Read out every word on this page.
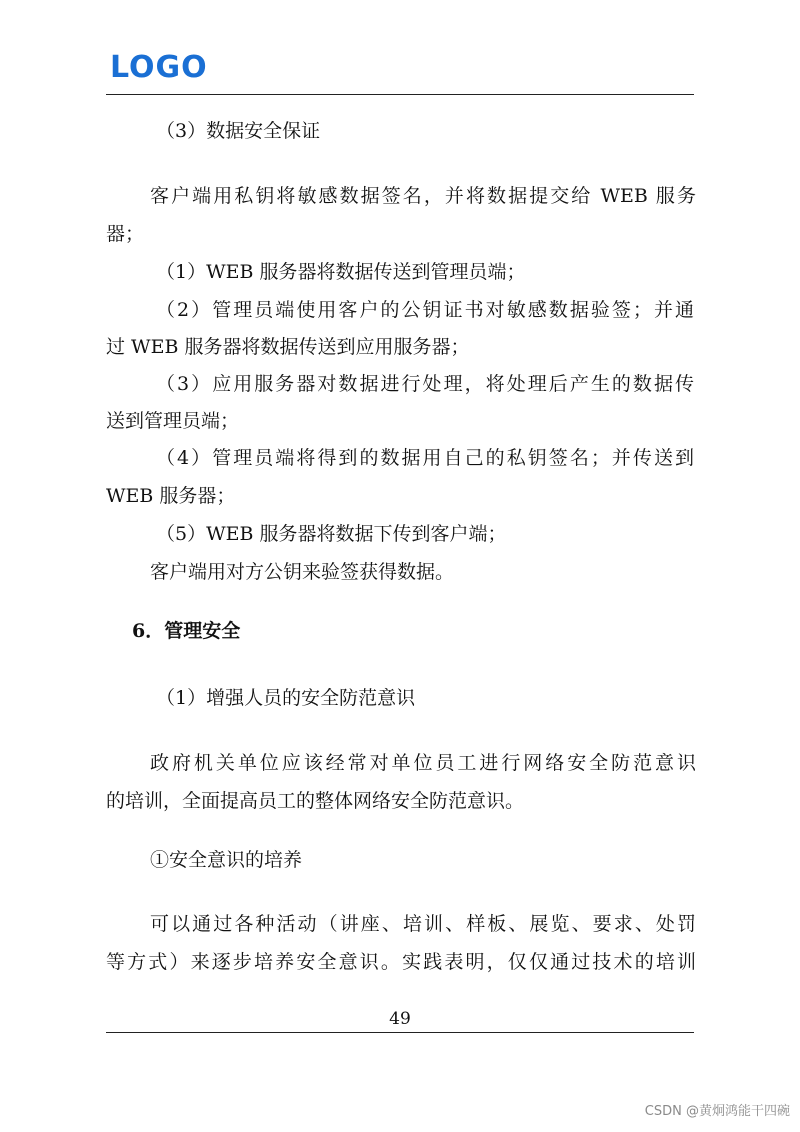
LOGO
（3）数据安全保证
客户端用私钥将敏感数据签名，并将数据提交给 WEB 服务
器；
（1）WEB 服务器将数据传送到管理员端；
（2）管理员端使用客户的公钥证书对敏感数据验签；并通
过 WEB 服务器将数据传送到应用服务器；
（3）应用服务器对数据进行处理，将处理后产生的数据传
送到管理员端；
（4）管理员端将得到的数据用自己的私钥签名；并传送到
WEB 服务器；
（5）WEB 服务器将数据下传到客户端；
客户端用对方公钥来验签获得数据。
6．管理安全
（1）增强人员的安全防范意识
政府机关单位应该经常对单位员工进行网络安全防范意识
的培训，全面提高员工的整体网络安全防范意识。
①安全意识的培养
可以通过各种活动（讲座、培训、样板、展览、要求、处罚
等方式）来逐步培养安全意识。实践表明，仅仅通过技术的培训
49
CSDN @黄炯鸿能干四碗
